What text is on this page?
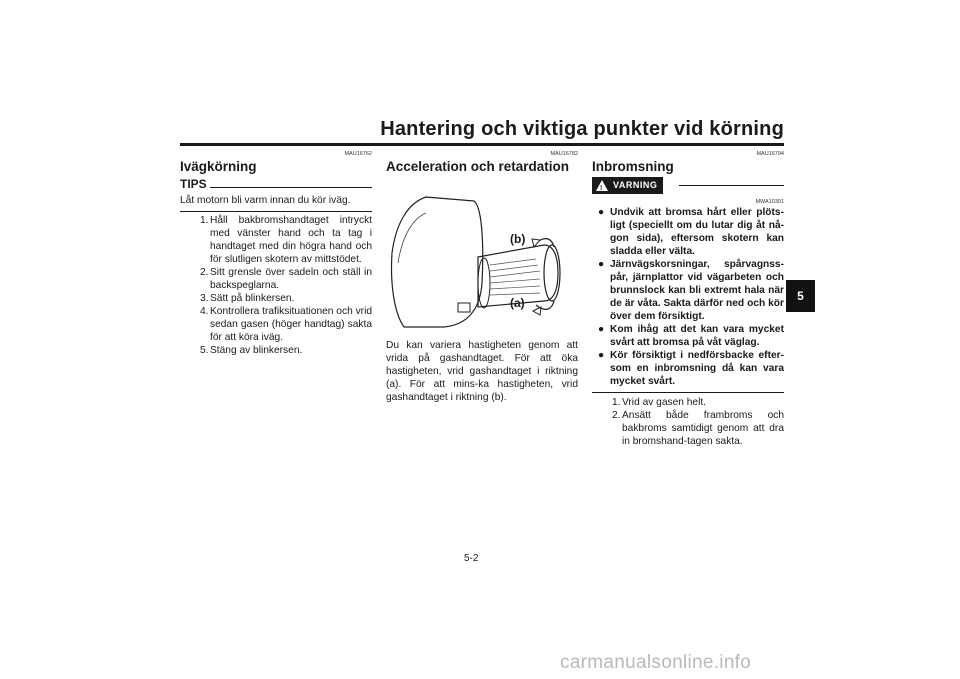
Hantering och viktiga punkter vid körning
MAU16762
Ivägkörning
TIPS
Låt motorn bli varm innan du kör iväg.
1. Håll bakbromshandtaget intryckt med vänster hand och ta tag i handtaget med din högra hand och för slutligen skotern av mittstödet.
2. Sitt grensle över sadeln och ställ in backspeglarna.
3. Sätt på blinkersen.
4. Kontrollera trafiksituationen och vrid sedan gasen (höger handtag) sakta för att köra iväg.
5. Stäng av blinkersen.
MAU16782
Acceleration och retardation
(b)
(a)
Du kan variera hastigheten genom att vrida på gashandtaget. För att öka hastigheten, vrid gashandtaget i riktning (a). För att mins-ka hastigheten, vrid gashandtaget i riktning (b).
MAU16794
Inbromsning
! VARNING
MWA10301
● Undvik att bromsa hårt eller plöts-ligt (speciellt om du lutar dig åt nå-gon sida), eftersom skotern kan sladda eller välta.
● Järnvägskorsningar, spårvagnss-pår, järnplattor vid vägarbeten och brunnslock kan bli extremt hala när de är våta. Sakta därför ned och kör över dem försiktigt.
● Kom ihåg att det kan vara mycket svårt att bromsa på våt väglag.
● Kör försiktigt i nedförsbacke efter-som en inbromsning då kan vara mycket svårt.
1. Vrid av gasen helt.
2. Ansätt både frambroms och bakbroms samtidigt genom att dra in bromshand-tagen sakta.
5-2
5
carmanualsonline.info
